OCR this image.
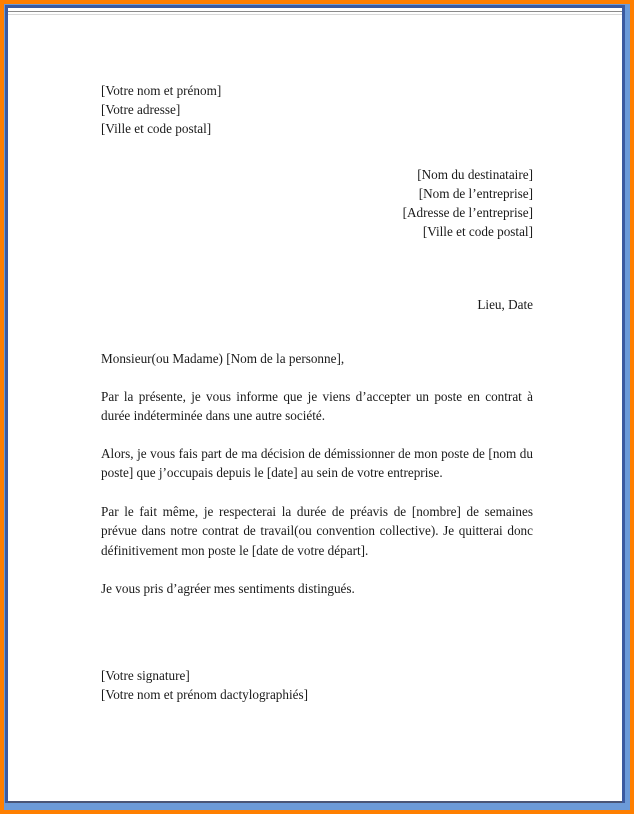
[Votre nom et prénom]
[Votre adresse]
[Ville et code postal]
[Nom du destinataire]
[Nom de l’entreprise]
[Adresse de l’entreprise]
[Ville et code postal]
Lieu, Date
Monsieur(ou Madame) [Nom de la personne],

Par la présente, je vous informe que je viens d’accepter un poste en contrat à durée indéterminée dans une autre société.

Alors, je vous fais part de ma décision de démissionner de mon poste de [nom du poste] que j’occupais depuis le [date] au sein de votre entreprise.

Par le fait même, je respecterai la durée de préavis de [nombre] de semaines prévue dans notre contrat de travail(ou convention collective). Je quitterai donc définitivement mon poste le [date de votre départ].

Je vous pris d’agréer mes sentiments distingués.

[Votre signature]
[Votre nom et prénom dactylographiés]
